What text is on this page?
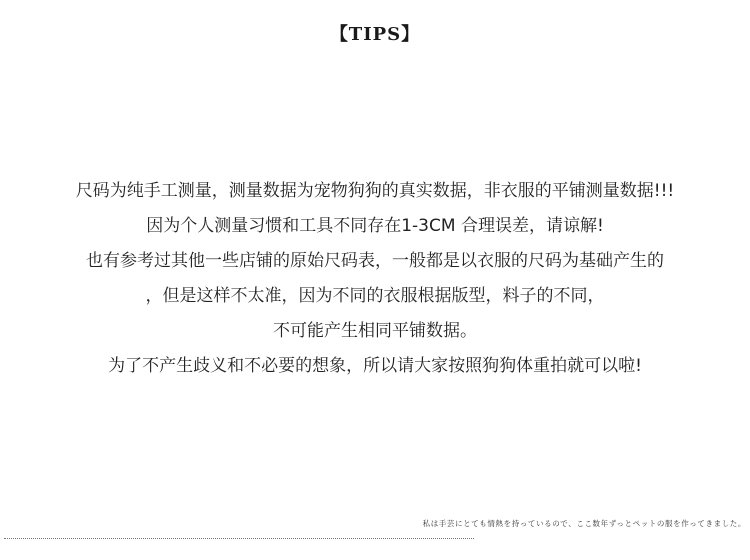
【TIPS】
尺码为纯手工测量，测量数据为宠物狗狗的真实数据，非衣服的平铺测量数据!!!
因为个人测量习惯和工具不同存在1-3CM 合理误差，请谅解!
也有参考过其他一些店铺的原始尺码表，一般都是以衣服的尺码为基础产生的
，但是这样不太准，因为不同的衣服根据版型，料子的不同，
不可能产生相同平铺数据。
为了不产生歧义和不必要的想象，所以请大家按照狗狗体重拍就可以啦!
私は手芸にとても情熱を持っているので、ここ数年ずっとペットの服を作ってきました。
